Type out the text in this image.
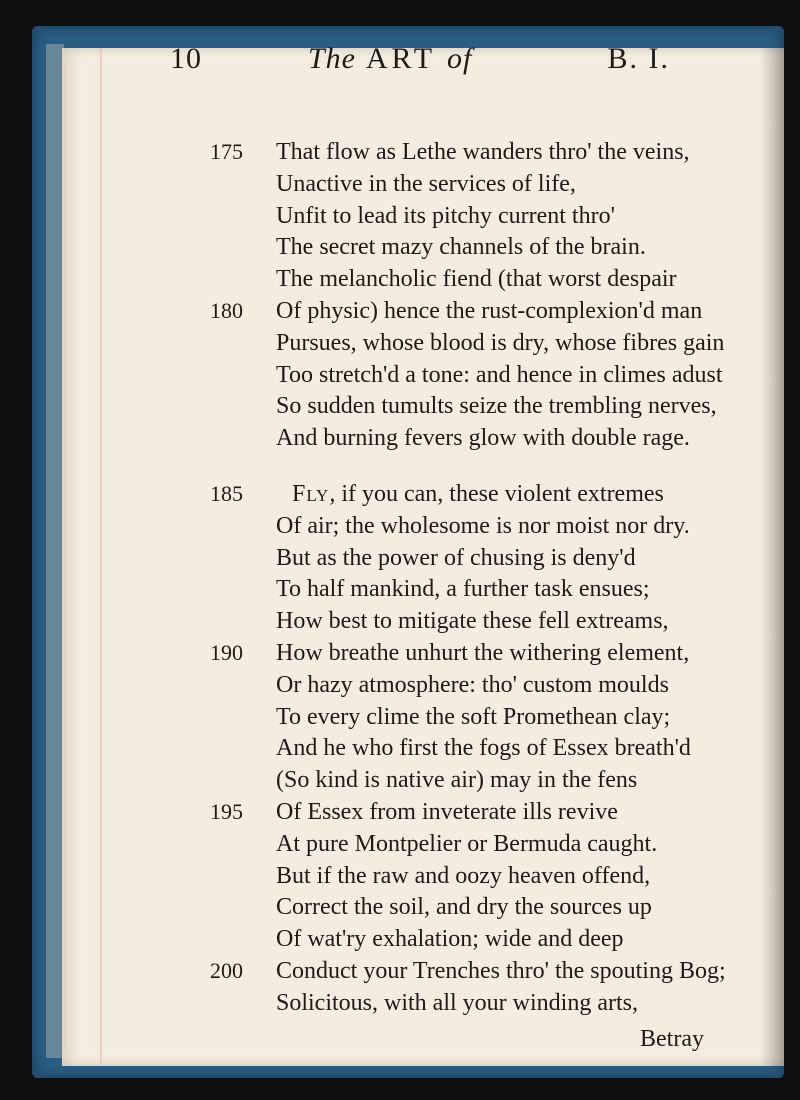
10	The ART of	B. I.
175 That flow as Lethe wanders thro' the veins,
Unactive in the services of life,
Unfit to lead its pitchy current thro'
The secret mazy channels of the brain.
The melancholic fiend (that worst despair
180 Of physic) hence the rust-complexion'd man
Pursues, whose blood is dry, whose fibres gain
Too stretch'd a tone: and hence in climes adust
So sudden tumults seize the trembling nerves,
And burning fevers glow with double rage.
185 Fly, if you can, these violent extremes
Of air; the wholesome is nor moist nor dry.
But as the power of chusing is deny'd
To half mankind, a further task ensues;
How best to mitigate these fell extreams,
190 How breathe unhurt the withering element,
Or hazy atmosphere: tho' custom moulds
To every clime the soft Promethean clay;
And he who first the fogs of Essex breath'd
(So kind is native air) may in the fens
195 Of Essex from inveterate ills revive
At pure Montpelier or Bermuda caught.
But if the raw and oozy heaven offend,
Correct the soil, and dry the sources up
Of wat'ry exhalation; wide and deep
200 Conduct your Trenches thro' the spouting Bog;
Solicitous, with all your winding arts,
Betray
